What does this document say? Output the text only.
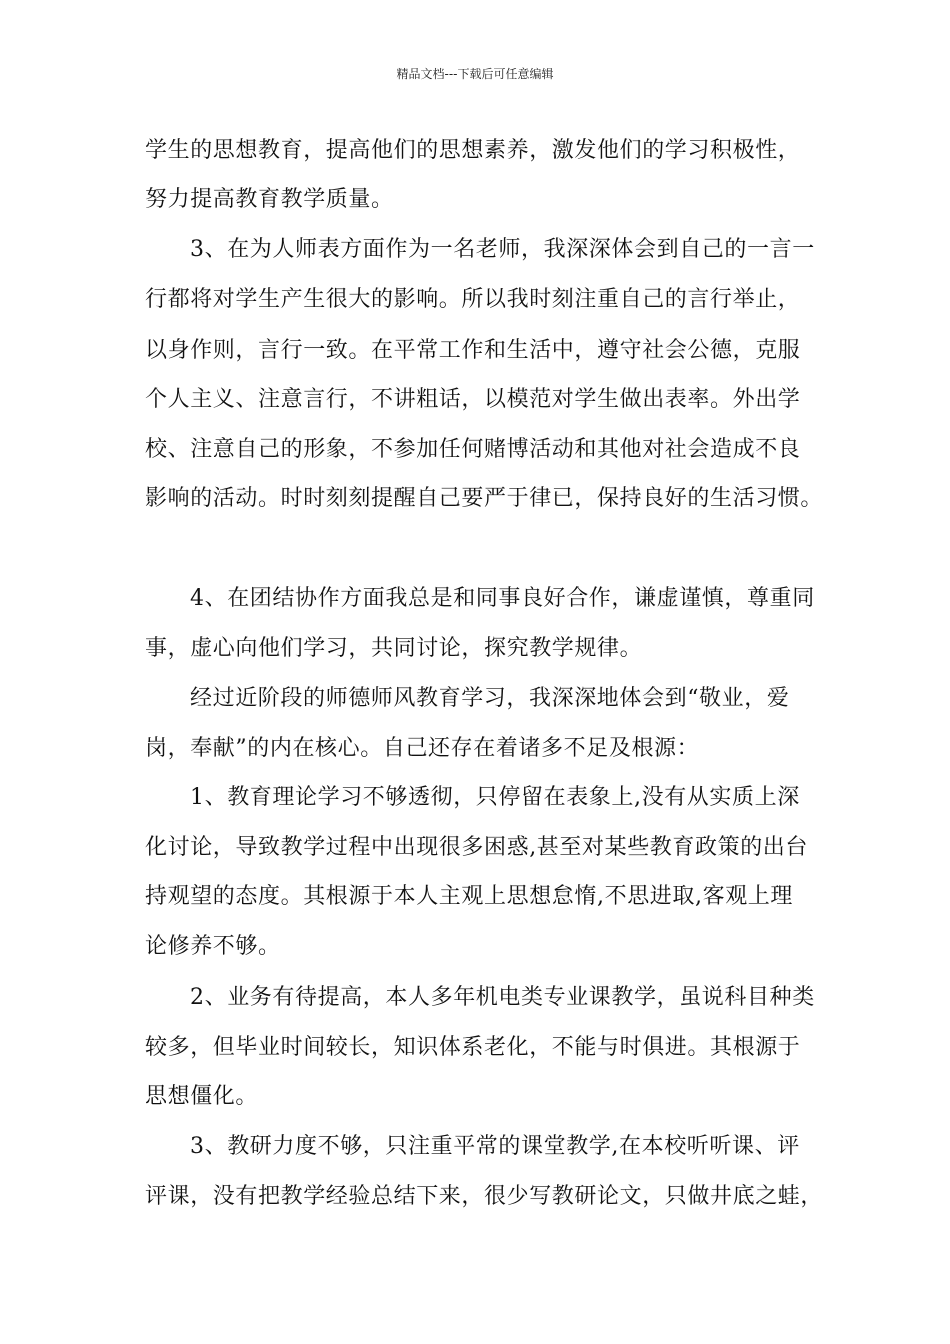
精品文档---下载后可任意编辑
学生的思想教育，提高他们的思想素养，激发他们的学习积极性，
努力提高教育教学质量。
3、在为人师表方面作为一名老师，我深深体会到自己的一言一
行都将对学生产生很大的影响。所以我时刻注重自己的言行举止，
以身作则，言行一致。在平常工作和生活中，遵守社会公德，克服
个人主义、注意言行，不讲粗话，以模范对学生做出表率。外出学
校、注意自己的形象，不参加任何赌博活动和其他对社会造成不良
影响的活动。时时刻刻提醒自己要严于律已，保持良好的生活习惯。
4、在团结协作方面我总是和同事良好合作，谦虚谨慎，尊重同
事，虚心向他们学习，共同讨论，探究教学规律。
经过近阶段的师德师风教育学习，我深深地体会到“敬业，爱
岗，奉献”的内在核心。自己还存在着诸多不足及根源：
1、教育理论学习不够透彻，只停留在表象上,没有从实质上深
化讨论，导致教学过程中出现很多困惑,甚至对某些教育政策的出台
持观望的态度。其根源于本人主观上思想怠惰,不思进取,客观上理
论修养不够。
2、业务有待提高，本人多年机电类专业课教学，虽说科目种类
较多，但毕业时间较长，知识体系老化，不能与时俱进。其根源于
思想僵化。
3、教研力度不够，只注重平常的课堂教学,在本校听听课、评
评课，没有把教学经验总结下来，很少写教研论文，只做井底之蛙，
